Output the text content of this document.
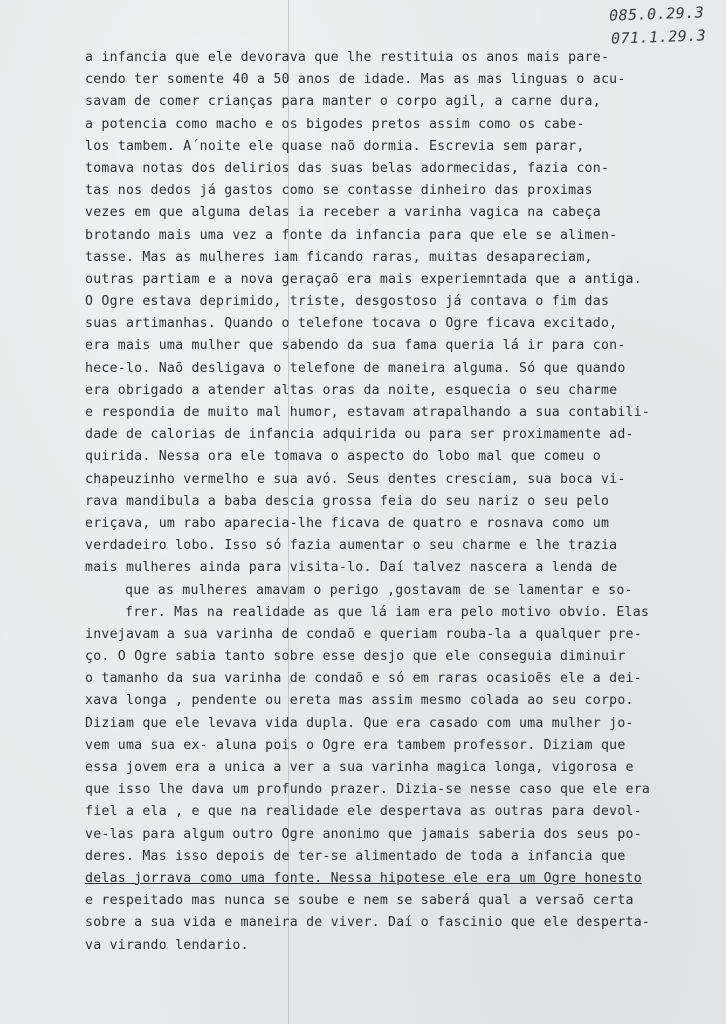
085.0.29.3
071.1.29.3
a infancia que ele devorava que lhe restituia os anos mais pare-
cendo ter somente 40 a 50 anos de idade. Mas as mas linguas o acu-
savam de comer crianças para manter o corpo agil, a carne dura,
a potencia como macho e os bigodes pretos assim como os cabe-
los tambem. A´noite ele quase naõ dormia. Escrevia sem parar,
tomava notas dos delirios das suas belas adormecidas, fazia con-
tas nos dedos já gastos como se contasse dinheiro das proximas
vezes em que alguma delas ia receber a varinha vagica na cabeça
brotando mais uma vez a fonte da infancia para que ele se alimen-
tasse. Mas as mulheres iam ficando raras, muitas desapareciam,
outras partiam e a nova geraçaõ era mais experiemntada que a antiga.
O Ogre estava deprimido, triste, desgostoso já contava o fim das
suas artimanhas. Quando o telefone tocava o Ogre ficava excitado,
era mais uma mulher que sabendo da sua fama queria lá ir para con-
hece-lo. Naõ desligava o telefone de maneira alguma. Só que quando
era obrigado a atender altas oras da noite, esquecia o seu charme
e respondia de muito mal humor, estavam atrapalhando a sua contabili-
dade de calorias de infancia adquirida ou para ser proximamente ad-
quirida. Nessa ora ele tomava o aspecto do lobo mal que comeu o
chapeuzinho vermelho e sua avó. Seus dentes cresciam, sua boca vi-
rava mandibula a baba descia grossa feia do seu nariz o seu pelo
eriçava, um rabo aparecia-lhe ficava de quatro e rosnava como um
verdadeiro lobo. Isso só fazia aumentar o seu charme e lhe trazia
mais mulheres ainda para visita-lo. Daí talvez nascera a lenda de
que as mulheres amavam o perigo ,gostavam de se lamentar e so-
frer. Mas na realidade as que lá iam era pelo motivo obvio. Elas
invejavam a sua varinha de condaõ e queriam rouba-la a qualquer pre-
ço. O Ogre sabia tanto sobre esse desjo que ele conseguia diminuir
o tamanho da sua varinha de condaõ e só em raras ocasioẽs ele a dei-
xava longa , pendente ou ereta mas assim mesmo colada ao seu corpo.
Diziam que ele levava vida dupla. Que era casado com uma mulher jo-
vem uma sua ex- aluna pois o Ogre era tambem professor. Diziam que
essa jovem era a unica a ver a sua varinha magica longa, vigorosa e
que isso lhe dava um profundo prazer. Dizia-se nesse caso que ele era
fiel a ela , e que na realidade ele despertava as outras para devol-
ve-las para algum outro Ogre anonimo que jamais saberia dos seus po-
deres. Mas isso depois de ter-se alimentado de toda a infancia que
delas jorrava como uma fonte. Nessa hipotese ele era um Ogre honesto
e respeitado mas nunca se soube e nem se saberá qual a versaõ certa
sobre a sua vida e maneira de viver. Daí o fascinio que ele desperta-
va virando lendario.
